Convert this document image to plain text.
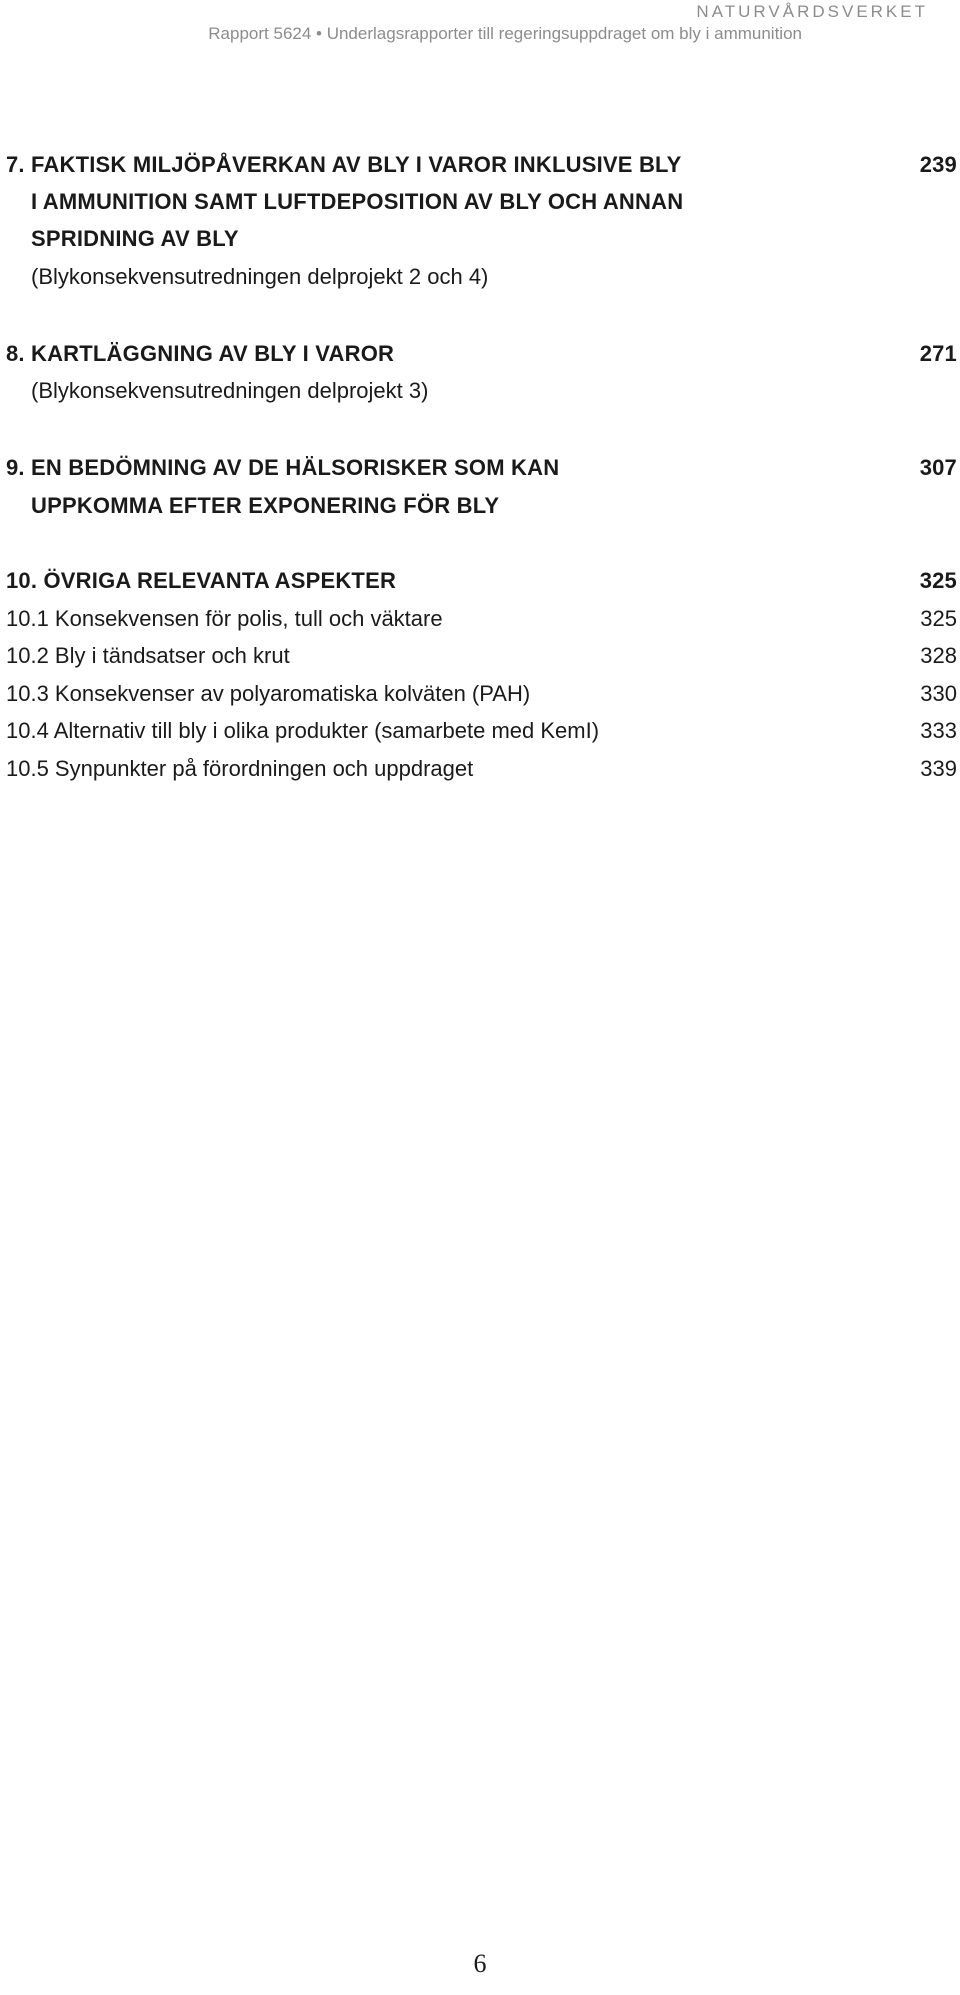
NATURVÅRDSVERKET
Rapport 5624 • Underlagsrapporter till regeringsuppdraget om bly i ammunition
7. FAKTISK MILJÖPÅVERKAN AV BLY I VAROR INKLUSIVE BLY	239
I AMMUNITION SAMT LUFTDEPOSITION AV BLY OCH ANNAN
SPRIDNING AV BLY
(Blykonsekvensutredningen delprojekt 2 och 4)
8. KARTLÄGGNING AV BLY I VAROR	271
(Blykonsekvensutredningen delprojekt 3)
9. EN BEDÖMNING AV DE HÄLSORISKER SOM KAN	307
UPPKOMMA EFTER EXPONERING FÖR BLY
10. ÖVRIGA RELEVANTA ASPEKTER	325
10.1 Konsekvensen för polis, tull och väktare	325
10.2 Bly i tändsatser och krut	328
10.3 Konsekvenser av polyaromatiska kolväten (PAH)	330
10.4 Alternativ till bly i olika produkter (samarbete med KemI)	333
10.5 Synpunkter på förordningen och uppdraget	339
6
